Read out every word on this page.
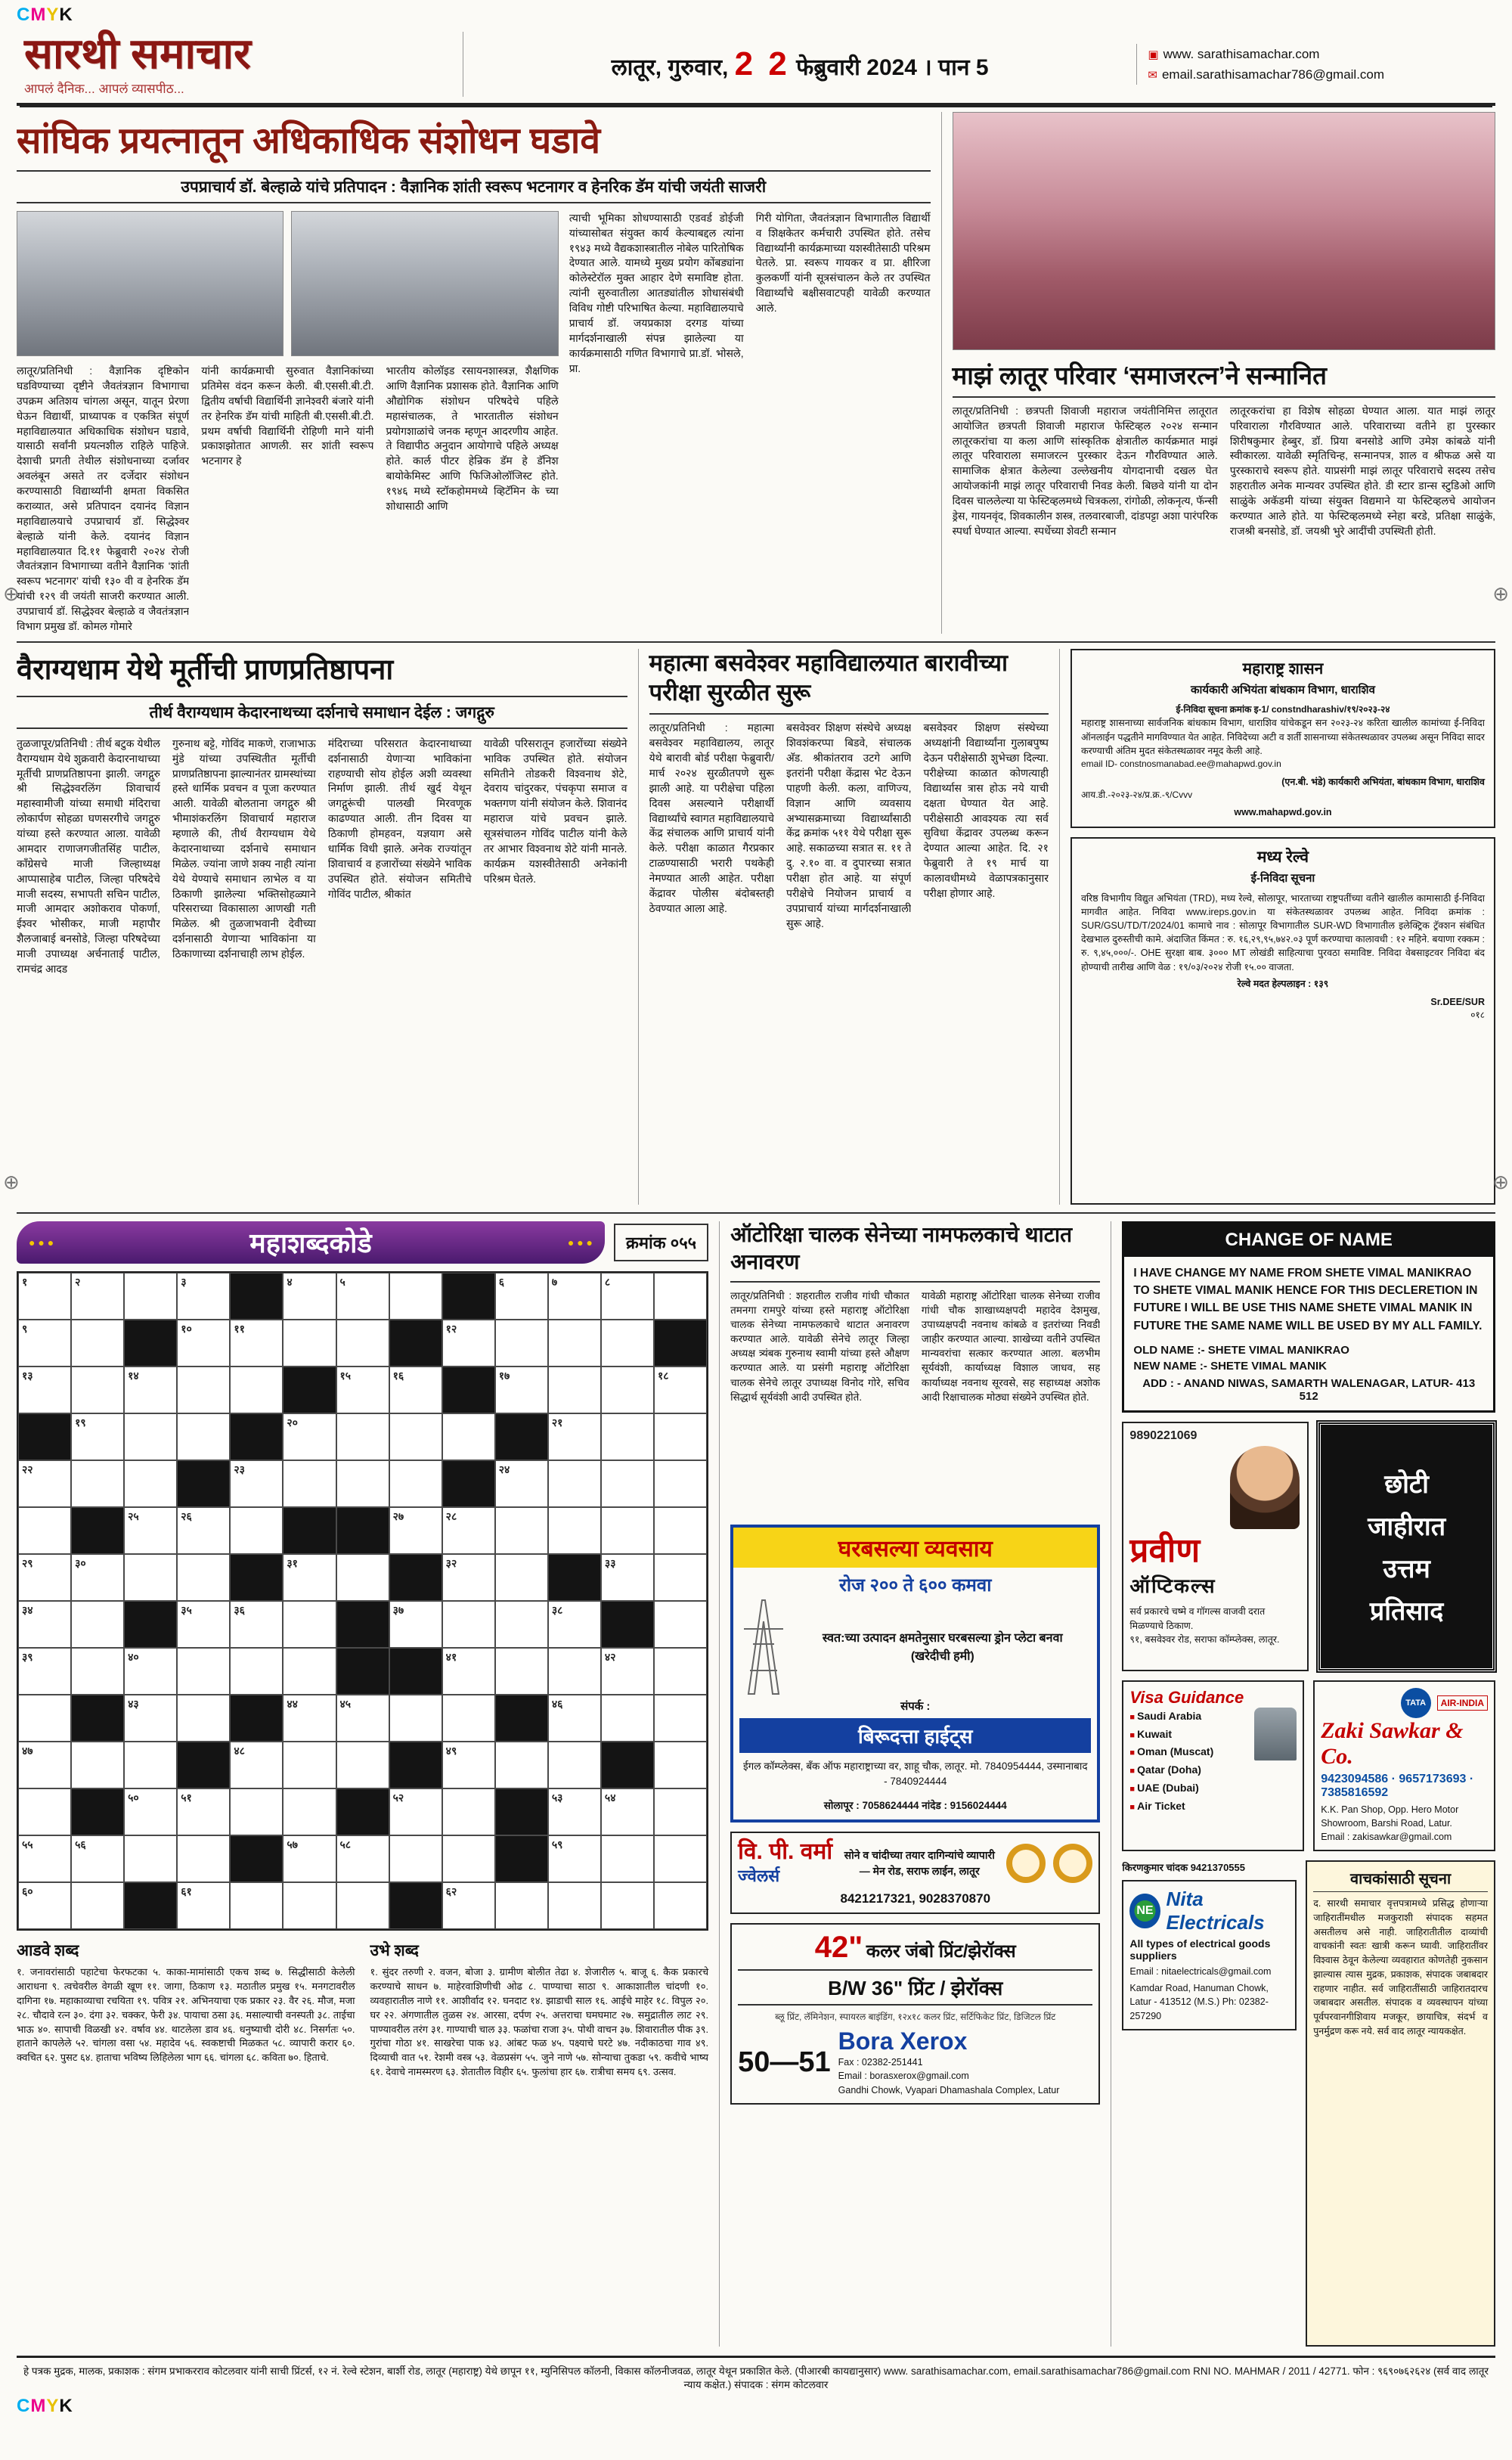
⊕	⊕
⊕	⊕
CMYK
सारथी समाचार
आपलं दैनिक... आपलं व्यासपीठ...
लातूर, गुरुवार, 2 2 फेब्रुवारी 2024 । पान 5
▣ www. sarathisamachar.com
✉ email.sarathisamachar786@gmail.com
सांघिक प्रयत्नातून अधिकाधिक संशोधन घडावे
उपप्राचार्य डॉ. बेल्हाळे यांचे प्रतिपादन : वैज्ञानिक शांती स्वरूप भटनागर व हेनरिक डॅम यांची जयंती साजरी
लातूर/प्रतिनिधी : वैज्ञानिक दृष्टिकोन घडविण्याच्या दृष्टीने जैवतंत्रज्ञान विभागाचा उपक्रम अतिशय चांगला असून, यातून प्रेरणा घेऊन विद्यार्थी, प्राध्यापक व एकत्रित संपूर्ण महाविद्यालयात अधिकाधिक संशोधन घडावे, यासाठी सर्वांनी प्रयत्नशील राहिले पाहिजे. देशाची प्रगती तेथील संशोधनाच्या दर्जावर अवलंबून असते तर दर्जेदार संशोधन करण्यासाठी विद्यार्थ्यांनी क्षमता विकसित कराव्यात, असे प्रतिपादन दयानंद विज्ञान महाविद्यालयाचे उपप्राचार्य डॉ. सिद्धेश्वर बेल्हाळे यांनी केले. दयानंद विज्ञान महाविद्यालयात दि.११ फेब्रुवारी २०२४ रोजी जैवतंत्रज्ञान विभागाच्या वतीने वैज्ञानिक ‘शांती स्वरूप भटनागर’ यांची १३० वी व हेनरिक डॅम यांची १२९ वी जयंती साजरी करण्यात आली. उपप्राचार्य डॉ. सिद्धेश्वर बेल्हाळे व जैवतंत्रज्ञान विभाग प्रमुख डॉ. कोमल गोमारे
यांनी कार्यक्रमाची सुरुवात वैज्ञानिकांच्या प्रतिमेस वंदन करून केली. बी.एससी.बी.टी. द्वितीय वर्षाची विद्यार्थिनी ज्ञानेश्वरी बंजारे यांनी तर हेनरिक डॅम यांची माहिती बी.एससी.बी.टी. प्रथम वर्षाची विद्यार्थिनी रोहिणी माने यांनी प्रकाशझोतात आणली. सर शांती स्वरूप भटनागर हे
भारतीय कोलॉइड रसायनशास्त्रज्ञ, शैक्षणिक आणि वैज्ञानिक प्रशासक होते. वैज्ञानिक आणि औद्योगिक संशोधन परिषदेचे पहिले महासंचालक, ते भारतातील संशोधन प्रयोगशाळांचे जनक म्हणून आदरणीय आहेत. ते विद्यापीठ अनुदान आयोगाचे पहिले अध्यक्ष होते. कार्ल पीटर हेन्रिक डॅम हे डॅनिश बायोकेमिस्ट आणि फिजिओलॉजिस्ट होते. १९४६ मध्ये स्टॉकहोममध्ये व्हिटॅमिन के च्या शोधासाठी आणि
त्याची भूमिका शोधण्यासाठी एडवर्ड डोईजी यांच्यासोबत संयुक्त कार्य केल्याबद्दल त्यांना १९४३ मध्ये वैद्यकशास्त्रातील नोबेल पारितोषिक देण्यात आले. यामध्ये मुख्य प्रयोग कोंबड्यांना कोलेस्टेरॉल मुक्त आहार देणे समाविष्ट होता. त्यांनी सुरुवातीला आतड्यांतील शोधासंबंधी विविध गोष्टी परिभाषित केल्या. महाविद्यालयाचे प्राचार्य डॉ. जयप्रकाश दरगड यांच्या मार्गदर्शनाखाली संपन्न झालेल्या या कार्यक्रमासाठी गणित विभागाचे प्रा.डॉ. भोसले, प्रा.
गिरी योगिता, जैवतंत्रज्ञान विभागातील विद्यार्थी व शिक्षकेतर कर्मचारी उपस्थित होते. तसेच विद्यार्थ्यांनी कार्यक्रमाच्या यशस्वीतेसाठी परिश्रम घेतले. प्रा. स्वरूप गायकर व प्रा. क्षीरिजा कुलकर्णी यांनी सूत्रसंचालन केले तर उपस्थित विद्यार्थ्यांचे बक्षीसवाटपही यावेळी करण्यात आले.
माझं लातूर परिवार ‘समाजरत्न’ने सन्मानित
लातूर/प्रतिनिधी : छत्रपती शिवाजी महाराज जयंतीनिमित्त लातूरात आयोजित छत्रपती शिवाजी महाराज फेस्टिव्हल २०२४ सन्मान लातूरकरांचा या कला आणि सांस्कृतिक क्षेत्रातील कार्यक्रमात माझं लातूर परिवाराला समाजरत्न पुरस्कार देऊन गौरविण्यात आले. सामाजिक क्षेत्रात केलेल्या उल्लेखनीय योगदानाची दखल घेत आयोजकांनी माझं लातूर परिवाराची निवड केली. बिछवे यांनी या दोन दिवस चाललेल्या या फेस्टिव्हलमध्ये चित्रकला, रांगोळी, लोकनृत्य, फॅन्सी ड्रेस, गायनवृंद, शिवकालीन शस्त्र, तलवारबाजी, दांडपट्टा अशा पारंपरिक स्पर्धा घेण्यात आल्या. स्पर्धेच्या शेवटी सन्मान
लातूरकरांचा हा विशेष सोहळा घेण्यात आला. यात माझं लातूर परिवाराला गौरविण्यात आले. परिवाराच्या वतीने हा पुरस्कार शिरीषकुमार हेब्बुर, डॉ. प्रिया बनसोडे आणि उमेश कांबळे यांनी स्वीकारला. यावेळी स्मृतिचिन्ह, सन्मानपत्र, शाल व श्रीफळ असे या पुरस्काराचे स्वरूप होते. याप्रसंगी माझं लातूर परिवाराचे सदस्य तसेच शहरातील अनेक मान्यवर उपस्थित होते. डी स्टार डान्स स्टुडिओ आणि साळुंके अकॅडमी यांच्या संयुक्त विद्यमाने या फेस्टिव्हलचे आयोजन करण्यात आले होते. या फेस्टिव्हलमध्ये स्नेहा बरडे, प्रतिक्षा साळुंके, राजश्री बनसोडे, डॉ. जयश्री भुरे आदींची उपस्थिती होती.
वैराग्यधाम येथे मूर्तीची प्राणप्रतिष्ठापना
तीर्थ वैराग्यधाम केदारनाथच्या दर्शनाचे समाधान देईल : जगद्गुरु
तुळजापूर/प्रतिनिधी : तीर्थ बटुक येथील वैराग्यधाम येथे शुक्रवारी केदारनाथाच्या मूर्तीची प्राणप्रतिष्ठापना झाली. जगद्गुरु श्री सिद्धेश्वरलिंग शिवाचार्य महास्वामीजी यांच्या समाधी मंदिराचा लोकार्पण सोहळा घणसरगीचे जगद्गुरु यांच्या हस्ते करण्यात आला. यावेळी आमदार राणाजगजीतसिंह पाटील, काँग्रेसचे माजी जिल्हाध्यक्ष आप्पासाहेब पाटील, जिल्हा परिषदेचे माजी सदस्य, सभापती सचिन पाटील, माजी आमदार अशोकराव पोकर्णा, ईश्वर भोसीकर, माजी महापौर शैलजाबाई बनसोडे, जिल्हा परिषदेच्या माजी उपाध्यक्ष अर्चनाताई पाटील, रामचंद्र आदड
गुरुनाथ बट्टे, गोविंद माकणे, राजाभाऊ मुंडे यांच्या उपस्थितीत मूर्तीची प्राणप्रतिष्ठापना झाल्यानंतर ग्रामस्थांच्या हस्ते धार्मिक प्रवचन व पूजा करण्यात आली. यावेळी बोलताना जगद्गुरु श्री भीमाशंकरलिंग शिवाचार्य महाराज म्हणाले की, तीर्थ वैराग्यधाम येथे केदारनाथाच्या दर्शनाचे समाधान मिळेल. ज्यांना जाणे शक्य नाही त्यांना येथे येण्याचे समाधान लाभेल व या ठिकाणी झालेल्या भक्तिसोहळ्याने परिसराच्या विकासाला आणखी गती मिळेल. श्री तुळजाभवानी देवीच्या दर्शनासाठी येणाऱ्या भाविकांना या ठिकाणाच्या दर्शनाचाही लाभ होईल.
मंदिराच्या परिसरात केदारनाथाच्या दर्शनासाठी येणाऱ्या भाविकांना राहण्याची सोय होईल अशी व्यवस्था निर्माण झाली. तीर्थ खुर्द येथून जगद्गुरूंची पालखी मिरवणूक काढण्यात आली. तीन दिवस या ठिकाणी होमहवन, यज्ञयाग असे धार्मिक विधी झाले. अनेक राज्यांतून शिवाचार्य व हजारोंच्या संख्येने भाविक उपस्थित होते. संयोजन समितीचे गोविंद पाटील, श्रीकांत
यावेळी परिसरातून हजारोंच्या संख्येने भाविक उपस्थित होते. संयोजन समितीने तोडकरी विश्वनाथ शेटे, देवराय चांदुरकर, पंचकृपा समाज व भक्तगण यांनी संयोजन केले. शिवानंद महाराज यांचे प्रवचन झाले. सूत्रसंचालन गोविंद पाटील यांनी केले तर आभार विश्वनाथ शेटे यांनी मानले. कार्यक्रम यशस्वीतेसाठी अनेकांनी परिश्रम घेतले.
महात्मा बसवेश्वर महाविद्यालयात बारावीच्या परीक्षा सुरळीत सुरू
लातूर/प्रतिनिधी : महात्मा बसवेश्वर महाविद्यालय, लातूर येथे बारावी बोर्ड परीक्षा फेब्रुवारी/मार्च २०२४ सुरळीतपणे सुरू झाली आहे. या परीक्षेचा पहिला दिवस असल्याने परीक्षार्थी विद्यार्थ्यांचे स्वागत महाविद्यालयाचे केंद्र संचालक आणि प्राचार्य यांनी केले. परीक्षा काळात गैरप्रकार टाळण्यासाठी भरारी पथकेही नेमण्यात आली आहेत. परीक्षा केंद्रावर पोलीस बंदोबस्तही ठेवण्यात आला आहे.
बसवेश्वर शिक्षण संस्थेचे अध्यक्ष शिवशंकरप्पा बिडवे, संचालक अ‍ॅड. श्रीकांतराव उटगे आणि इतरांनी परीक्षा केंद्रास भेट देऊन पाहणी केली. कला, वाणिज्य, विज्ञान आणि व्यवसाय अभ्यासक्रमाच्या विद्यार्थ्यांसाठी केंद्र क्रमांक ५११ येथे परीक्षा सुरू आहे. सकाळच्या सत्रात स. ११ ते दु. २.१० वा. व दुपारच्या सत्रात परीक्षा होत आहे. या संपूर्ण परीक्षेचे नियोजन प्राचार्य व उपप्राचार्य यांच्या मार्गदर्शनाखाली सुरू आहे.
बसवेश्वर शिक्षण संस्थेच्या अध्यक्षांनी विद्यार्थ्यांना गुलाबपुष्प देऊन परीक्षेसाठी शुभेच्छा दिल्या. परीक्षेच्या काळात कोणत्याही विद्यार्थ्यास त्रास होऊ नये याची दक्षता घेण्यात येत आहे. परीक्षेसाठी आवश्यक त्या सर्व सुविधा केंद्रावर उपलब्ध करून देण्यात आल्या आहेत. दि. २१ फेब्रुवारी ते १९ मार्च या कालावधीमध्ये वेळापत्रकानुसार परीक्षा होणार आहे.
महाराष्ट्र शासन
कार्यकारी अभियंता बांधकाम विभाग, धाराशिव
ई-निविदा सूचना क्रमांक इ-1/ constndharashiv/१९/२०२३-२४
महाराष्ट्र शासनाच्या सार्वजनिक बांधकाम विभाग, धाराशिव यांचेकडून सन २०२३-२४ करिता खालील कामांच्या ई-निविदा ऑनलाईन पद्धतीने मागविण्यात येत आहेत. निविदेच्या अटी व शर्ती शासनाच्या संकेतस्थळावर उपलब्ध असून निविदा सादर करण्याची अंतिम मुदत संकेतस्थळावर नमूद केली आहे.
email ID- constnosmanabad.ee@mahapwd.gov.in
(एन.बी. भंडे) कार्यकारी अभियंता, बांधकाम विभाग, धाराशिव
आय.डी.-२०२३-२४/प्र.क्र.-९/Cvvv
www.mahapwd.gov.in
मध्य रेल्वे
ई-निविदा सूचना
वरिष्ठ विभागीय विद्युत अभियंता (TRD), मध्य रेल्वे, सोलापूर, भारताच्या राष्ट्रपतींच्या वतीने खालील कामासाठी ई-निविदा मागवीत आहेत. निविदा www.ireps.gov.in या संकेतस्थळावर उपलब्ध आहेत. निविदा क्रमांक : SUR/GSU/TD/T/2024/01 कामाचे नाव : सोलापूर विभागातील SUR-WD विभागातील इलेक्ट्रिक ट्रॅक्शन संबंधित देखभाल दुरुस्तीची कामे. अंदाजित किंमत : रु. १६,२९,९५,७४२.०३ पूर्ण करण्याचा कालावधी : १२ महिने. बयाणा रक्कम : रु. ९,४५,०००/-. OHE सुरक्षा बाब. ३००० MT लोखंडी साहित्याचा पुरवठा समाविष्ट. निविदा वेबसाइटवर निविदा बंद होण्याची तारीख आणि वेळ : १९/०३/२०२४ रोजी १५.०० वाजता.
रेल्वे मदत हेल्पलाइन : १३९
Sr.DEE/SUR
०१८
● ● ● महाशब्दकोडे
● ● ●	क्रमांक ०५५
१	२	३	४	५	६	७	८
९	१०	११	१२
१३	१४	१५	१६	१७	१८
१९	२०	२१
२२	२३	२४
२५	२६	२७	२८
२९	३०	३१	३२	३३
३४	३५	३६	३७	३८
३९	४०	४१	४२
४३	४४	४५	४६
४७	४८	४९
५०	५१	५२	५३	५४
५५	५६	५७	५८	५९
६०	६१	६२
आडवे शब्द
१. जनावरांसाठी पहाटेचा फेरफटका ५. काका-मामांसाठी एकच शब्द ७. सिद्धीसाठी केलेली आराधना ९. त्वचेवरील वेगळी खूण ११. जागा, ठिकाण १३. मठातील प्रमुख १५. मनगटावरील दागिना १७. महाकाव्याचा रचयिता १९. पवित्र २१. अभिनयाचा एक प्रकार २३. वैर २६. मौज, मजा २८. चौदावे रत्न ३०. दंगा ३२. चक्कर, फेरी ३४. पायाचा ठसा ३६. मसाल्याची वनस्पती ३८. ताईचा भाऊ ४०. सापाची विळखी ४२. वर्षाव ४४. थाटलेला डाव ४६. धनुष्याची दोरी ४८. निसर्गतः ५०. हाताने कापलेले ५२. चांगला वसा ५४. महादेव ५६. स्वकष्टाची मिळकत ५८. व्यापारी करार ६०. क्वचित ६२. पुसट ६४. हाताचा भविष्य लिहिलेला भाग ६६. चांगला ६८. कविता ७०. हिताचे.
उभे शब्द
१. सुंदर तरुणी २. वजन, बोजा ३. ग्रामीण बोलीत तेढा ४. शेजारील ५. बाजू ६. कैक प्रकारचे करण्याचे साधन ७. माहेरवाशिणीची ओढ ८. पाण्याचा साठा ९. आकाशातील चांदणी १०. व्यवहारातील नाणे ११. आशीर्वाद १२. घनदाट १४. झाडाची साल १६. आईचे माहेर १८. विपुल २०. घर २२. अंगणातील तुळस २४. आरसा, दर्पण २५. अत्तराचा घमघमाट २७. समुद्रातील लाट २९. पाण्यावरील तरंग ३१. गाण्याची चाल ३३. फळांचा राजा ३५. पोथी वाचन ३७. शिवारातील पीक ३९. गुरांचा गोठा ४१. साखरेचा पाक ४३. आंबट फळ ४५. पक्ष्याचे घरटे ४७. नदीकाठचा गाव ४९. दिव्याची वात ५१. रेशमी वस्त्र ५३. वेळप्रसंग ५५. जुने नाणे ५७. सोन्याचा तुकडा ५९. कवीचे भाष्य ६१. देवाचे नामस्मरण ६३. शेतातील विहीर ६५. फुलांचा हार ६७. रात्रीचा समय ६९. उत्सव.
ऑटोरिक्षा चालक सेनेच्या नामफलकाचे थाटात अनावरण
लातूर/प्रतिनिधी : शहरातील राजीव गांधी चौकात तमनगा रामपुरे यांच्या हस्ते महाराष्ट्र ऑटोरिक्षा चालक सेनेच्या नामफलकाचे थाटात अनावरण करण्यात आले. यावेळी सेनेचे लातूर जिल्हा अध्यक्ष त्र्यंबक गुरुनाथ स्वामी यांच्या हस्ते औक्षण करण्यात आले. या प्रसंगी महाराष्ट्र ऑटोरिक्षा चालक सेनेचे लातूर उपाध्यक्ष विनोद गोरे, सचिव सिद्धार्थ सूर्यवंशी आदी उपस्थित होते.
यावेळी महाराष्ट्र ऑटोरिक्षा चालक सेनेच्या राजीव गांधी चौक शाखाध्यक्षपदी महादेव देशमुख, उपाध्यक्षपदी नवनाथ कांबळे व इतरांच्या निवडी जाहीर करण्यात आल्या. शाखेच्या वतीने उपस्थित मान्यवरांचा सत्कार करण्यात आला. बलभीम सूर्यवंशी, कार्याध्यक्ष विशाल जाधव, सह कार्याध्यक्ष नवनाथ सूरवसे, सह सहाध्यक्ष अशोक आदी रिक्षाचालक मोठ्या संख्येने उपस्थित होते.
घरबसल्या व्यवसाय
रोज २०० ते ६०० कमवा
स्वत:च्या उत्पादन क्षमतेनुसार घरबसल्या ड्रोन प्लेटा बनवा (खरेदीची हमी)
संपर्क :
बिरूदत्ता हाईट्स
ईगल कॉम्प्लेक्स, बँक ऑफ महाराष्ट्राच्या वर, शाहू चौक, लातूर. मो. 7840954444, उस्मानाबाद - 7840924444
सोलापूर : 7058624444 नांदेड : 9156024444
वि. पी. वर्मा
ज्वेलर्स
सोने व चांदीच्या तयार दागिन्यांचे व्यापारी — मेन रोड, सराफ लाईन, लातूर
8421217321, 9028370870
42" कलर जंबो प्रिंट/झेरॉक्स
B/W 36" प्रिंट / झेरॉक्स
ब्लू प्रिंट, लॅमिनेशन, स्पायरल बाइंडिंग, १२x१८ कलर प्रिंट, सर्टिफिकेट प्रिंट, डिजिटल प्रिंट
50—51
Bora Xerox
Fax : 02382-251441
Email : borasxerox@gmail.com
Gandhi Chowk, Vyapari Dhamashala Complex, Latur
CHANGE OF NAME
I HAVE CHANGE MY NAME FROM SHETE VIMAL MANIKRAO TO SHETE VIMAL MANIK HENCE FOR THIS DECLERETION IN FUTURE I WILL BE USE THIS NAME SHETE VIMAL MANIK IN FUTURE THE SAME NAME WILL BE USED BY MY ALL FAMILY.
OLD NAME :- SHETE VIMAL MANIKRAO
NEW NAME :- SHETE VIMAL MANIK
ADD : - ANAND NIWAS, SAMARTH WALENAGAR, LATUR- 413 512
9890221069
प्रवीण
ऑप्टिकल्स
सर्व प्रकारचे चष्मे व गॉगल्स वाजवी दरात मिळण्याचे ठिकाण.
९१, बसवेश्वर रोड, सराफा कॉम्प्लेक्स, लातूर.
छोटी
जाहीरात
उत्तम
प्रतिसाद
Visa Guidance
■ Saudi Arabia
■ Kuwait
■ Oman (Muscat)
■ Qatar (Doha)
■ UAE (Dubai)
■ Air Ticket
TATA	AIR-INDIA
Zaki Sawkar & Co.
9423094586 · 9657173693 · 7385816592
K.K. Pan Shop, Opp. Hero Motor Showroom, Barshi Road, Latur.
Email : zakisawkar@gmail.com
किरणकुमार चांदक 9421370555
NE
Nita Electricals
All types of electrical goods suppliers
Email : nitaelectricals@gmail.com
Kamdar Road, Hanuman Chowk, Latur - 413512 (M.S.) Ph: 02382-257290
वाचकांसाठी सूचना
द. सारथी समाचार वृत्तपत्रामध्ये प्रसिद्ध होणाऱ्या जाहिरातींमधील मजकुराशी संपादक सहमत असतीलच असे नाही. जाहिरातीतील दाव्यांची वाचकांनी स्वतः खात्री करून घ्यावी. जाहिरातींवर विश्वास ठेवून केलेल्या व्यवहारात कोणतेही नुकसान झाल्यास त्यास मुद्रक, प्रकाशक, संपादक जबाबदार राहणार नाहीत. सर्व जाहिरातींसाठी जाहिरातदारच जबाबदार असतील. संपादक व व्यवस्थापन यांच्या पूर्वपरवानगीशिवाय मजकूर, छायाचित्र, संदर्भ व पुनर्मुद्रण करू नये. सर्व वाद लातूर न्यायकक्षेत.
हे पत्रक मुद्रक, मालक, प्रकाशक : संगम प्रभाकरराव कोटलवार यांनी साची प्रिंटर्स, १२ नं. रेल्वे स्टेशन, बार्शी रोड, लातूर (महाराष्ट्र) येथे छापून ११, म्युनिसिपल कॉलनी, विकास कॉलनीजवळ, लातूर येथून प्रकाशित केले. (पीआरबी कायद्यानुसार) www. sarathisamachar.com, email.sarathisamachar786@gmail.com RNI NO. MAHMAR / 2011 / 42771. फोन : ९६९०७६२६२४ (सर्व वाद लातूर न्याय कक्षेत.) संपादक : संगम कोटलवार
CMYK
